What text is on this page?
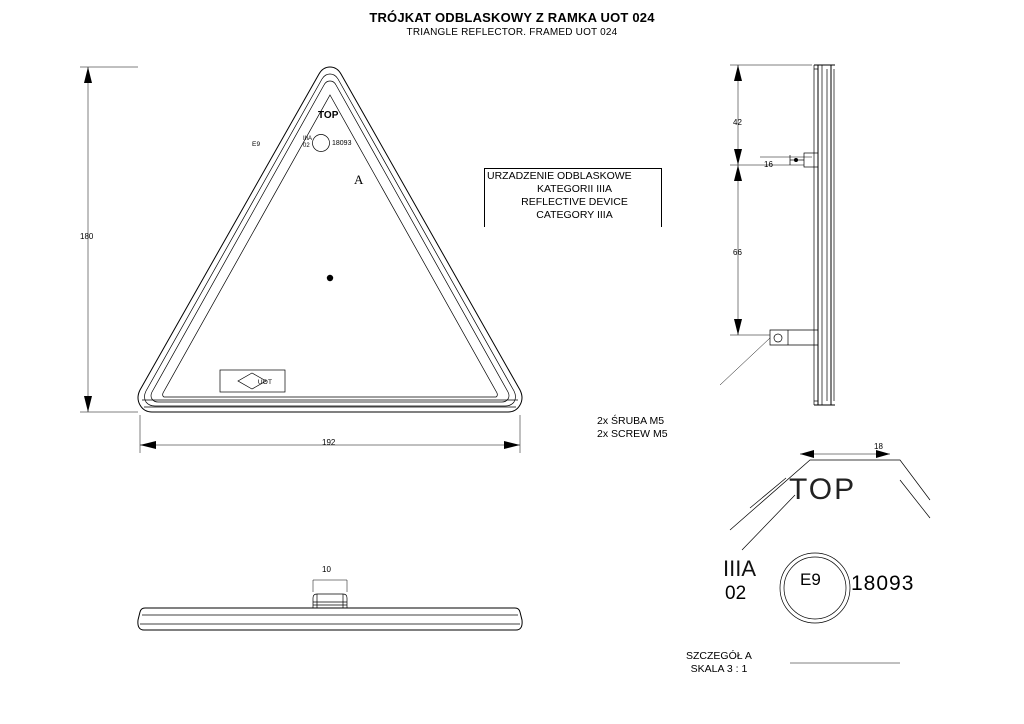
TRÓJKAT ODBLASKOWY Z RAMKA UOT 024
TRIANGLE REFLECTOR. FRAMED UOT 024
TOP
A
IIIA
02	18093
E9
UOT
180
192
URZADZENIE ODBLASKOWE
KATEGORII IIIA
REFLECTIVE DEVICE
CATEGORY IIIA
42
66
16
2x ŚRUBA M5
2x SCREW M5
10
TOP
IIIA
02
E9 18093
18
SZCZEGÓŁ A
SKALA 3 : 1
